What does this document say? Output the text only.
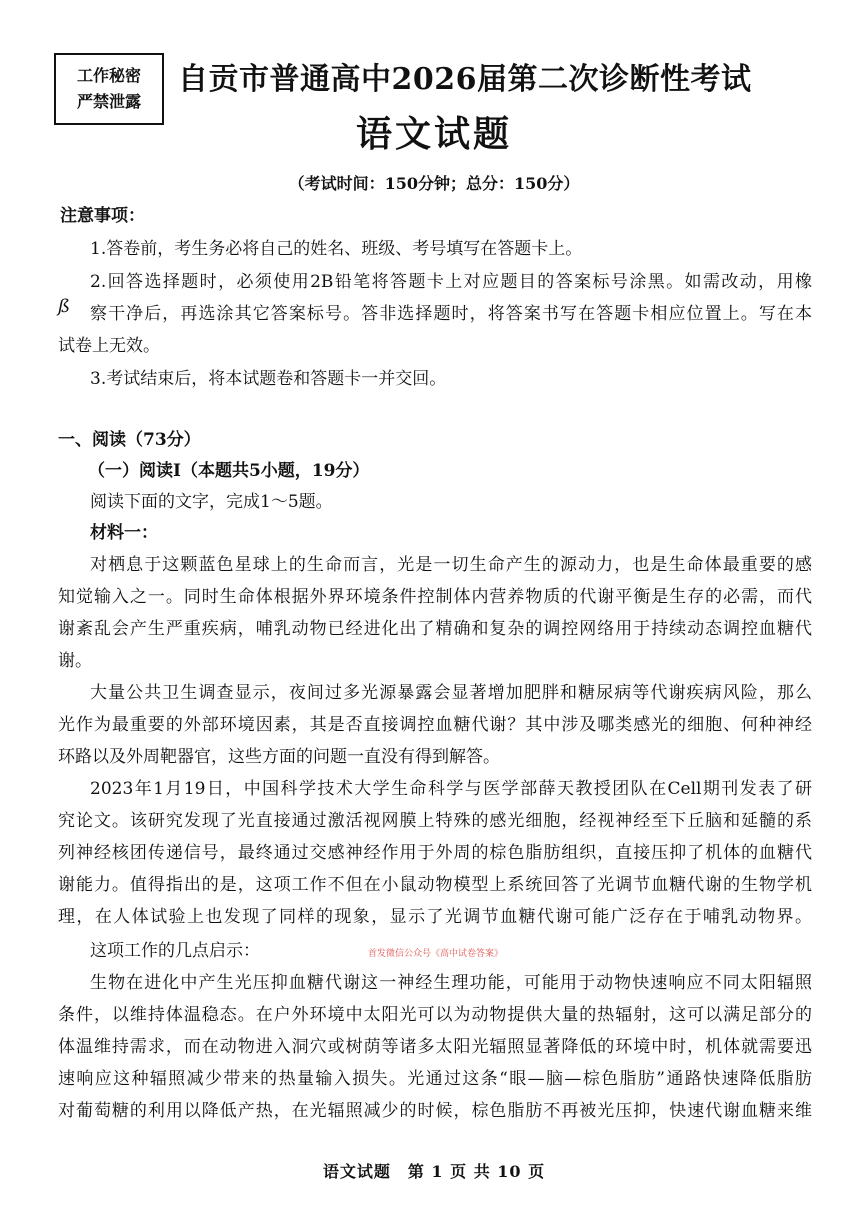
工作秘密
严禁泄露
自贡市普通高中2026届第二次诊断性考试
语文试题
（考试时间：150分钟；总分：150分）
注意事项：
1.答卷前，考生务必将自己的姓名、班级、考号填写在答题卡上。
2.回答选择题时，必须使用2B铅笔将答题卡上对应题目的答案标号涂黑。如需改动，用橡
ß 察干净后，再选涂其它答案标号。答非选择题时，将答案书写在答题卡相应位置上。写在本
试卷上无效。
3.考试结束后，将本试题卷和答题卡一并交回。
一、阅读（73分）
（一）阅读Ⅰ（本题共5小题，19分）
阅读下面的文字，完成1～5题。
材料一：
对栖息于这颗蓝色星球上的生命而言，光是一切生命产生的源动力，也是生命体最重要的感
知觉输入之一。同时生命体根据外界环境条件控制体内营养物质的代谢平衡是生存的必需，而代
谢紊乱会产生严重疾病，哺乳动物已经进化出了精确和复杂的调控网络用于持续动态调控血糖代
谢。
大量公共卫生调查显示，夜间过多光源暴露会显著增加肥胖和糖尿病等代谢疾病风险，那么
光作为最重要的外部环境因素，其是否直接调控血糖代谢？其中涉及哪类感光的细胞、何种神经
环路以及外周靶器官，这些方面的问题一直没有得到解答。
2023年1月19日，中国科学技术大学生命科学与医学部薛天教授团队在Cell期刊发表了研
究论文。该研究发现了光直接通过激活视网膜上特殊的感光细胞，经视神经至下丘脑和延髓的系
列神经核团传递信号，最终通过交感神经作用于外周的棕色脂肪组织，直接压抑了机体的血糖代
谢能力。值得指出的是，这项工作不但在小鼠动物模型上系统回答了光调节血糖代谢的生物学机
理，在人体试验上也发现了同样的现象，显示了光调节血糖代谢可能广泛存在于哺乳动物界。
这项工作的几点启示：	首发微信公众号《高中试卷答案》
生物在进化中产生光压抑血糖代谢这一神经生理功能，可能用于动物快速响应不同太阳辐照
条件，以维持体温稳态。在户外环境中太阳光可以为动物提供大量的热辐射，这可以满足部分的
体温维持需求，而在动物进入洞穴或树荫等诸多太阳光辐照显著降低的环境中时，机体就需要迅
速响应这种辐照减少带来的热量输入损失。光通过这条“眼—脑—棕色脂肪”通路快速降低脂肪
对葡萄糖的利用以降低产热，在光辐照减少的时候，棕色脂肪不再被光压抑，快速代谢血糖来维
语文试题　第 1 页 共 10 页
